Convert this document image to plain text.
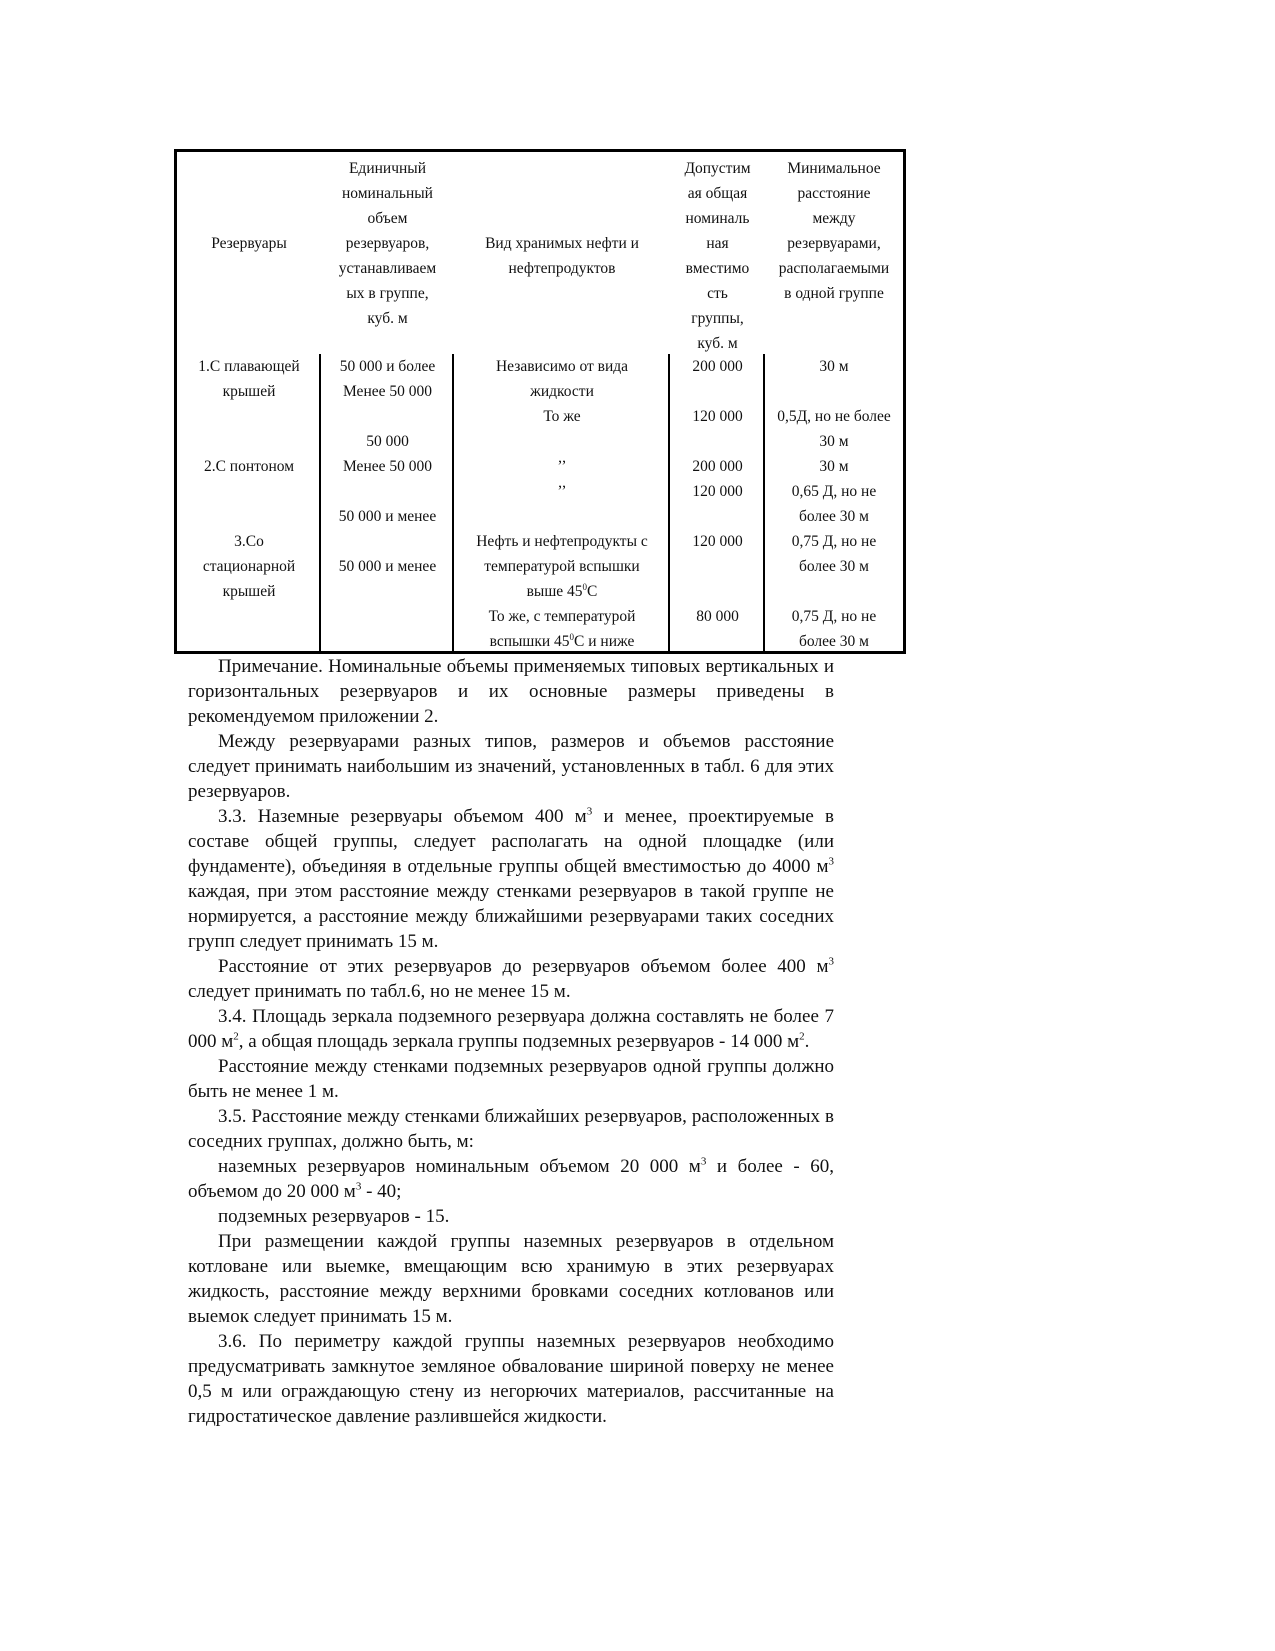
Резервуары
1.С плавающей
крышей
2.С понтоном
3.Со
стационарной
крышей
Единичный
номинальный
объем
резервуаров,
устанавливаем
ых в группе,
куб. м
50 000 и более
Менее 50 000
50 000
Менее 50 000
50 000 и менее
50 000 и менее
Вид хранимых нефти и
нефтепродуктов
Независимо от вида
жидкости
То же
’’
’’
Нефть и нефтепродукты с
температурой вспышки
выше $45^0С$
То же, с температурой
вспышки $45^0С$ и ниже
Допустим
ая общая
номиналь
ная
вместимо
сть
группы,
куб. м
200 000
120 000
200 000
120 000
120 000
80 000
Минимальное
расстояние
между
резервуарами,
располагаемыми
в одной группе
30 м
0,5Д, но не более
30 м
30 м
0,65 Д, но не
более 30 м
0,75 Д, но не
более 30 м
0,75 Д, но не
более 30 м

Примечание. Номинальные объемы применяемых типовых вертикальных и горизонтальных резервуаров и их основные размеры приведены в рекомендуемом приложении 2.

Между резервуарами разных типов, размеров и объемов расстояние следует принимать наибольшим из значений, установленных в табл. 6 для этих резервуаров.

3.3. Наземные резервуары объемом 400 $м^3$ и менее, проектируемые в составе общей группы, следует располагать на одной площадке (или фундаменте), объединяя в отдельные группы общей вместимостью до 4000 $м^3$ каждая, при этом расстояние между стенками резервуаров в такой группе не нормируется, а расстояние между ближайшими резервуарами таких соседних групп следует принимать 15 м.

Расстояние от этих резервуаров до резервуаров объемом более 400 $м^3$ следует принимать по табл.6, но не менее 15 м.

3.4. Площадь зеркала подземного резервуара должна составлять не более 7 000 $м^2$, а общая площадь зеркала группы подземных резервуаров - 14 000 $м^2$.

Расстояние между стенками подземных резервуаров одной группы должно быть не менее 1 м.

3.5. Расстояние между стенками ближайших резервуаров, расположенных в соседних группах, должно быть, м:

наземных резервуаров номинальным объемом 20 000 $м^3$ и более - 60, объемом до 20 000 $м^3 - 40$;

подземных резервуаров - 15.

При размещении каждой группы наземных резервуаров в отдельном котловане или выемке, вмещающим всю хранимую в этих резервуарах жидкость, расстояние между верхними бровками соседних котлованов или выемок следует принимать 15 м.

3.6. По периметру каждой группы наземных резервуаров необходимо предусматривать замкнутое земляное обвалование шириной поверху не менее 0,5 м или ограждающую стену из негорючих материалов, рассчитанные на гидростатическое давление разлившейся жидкости.
